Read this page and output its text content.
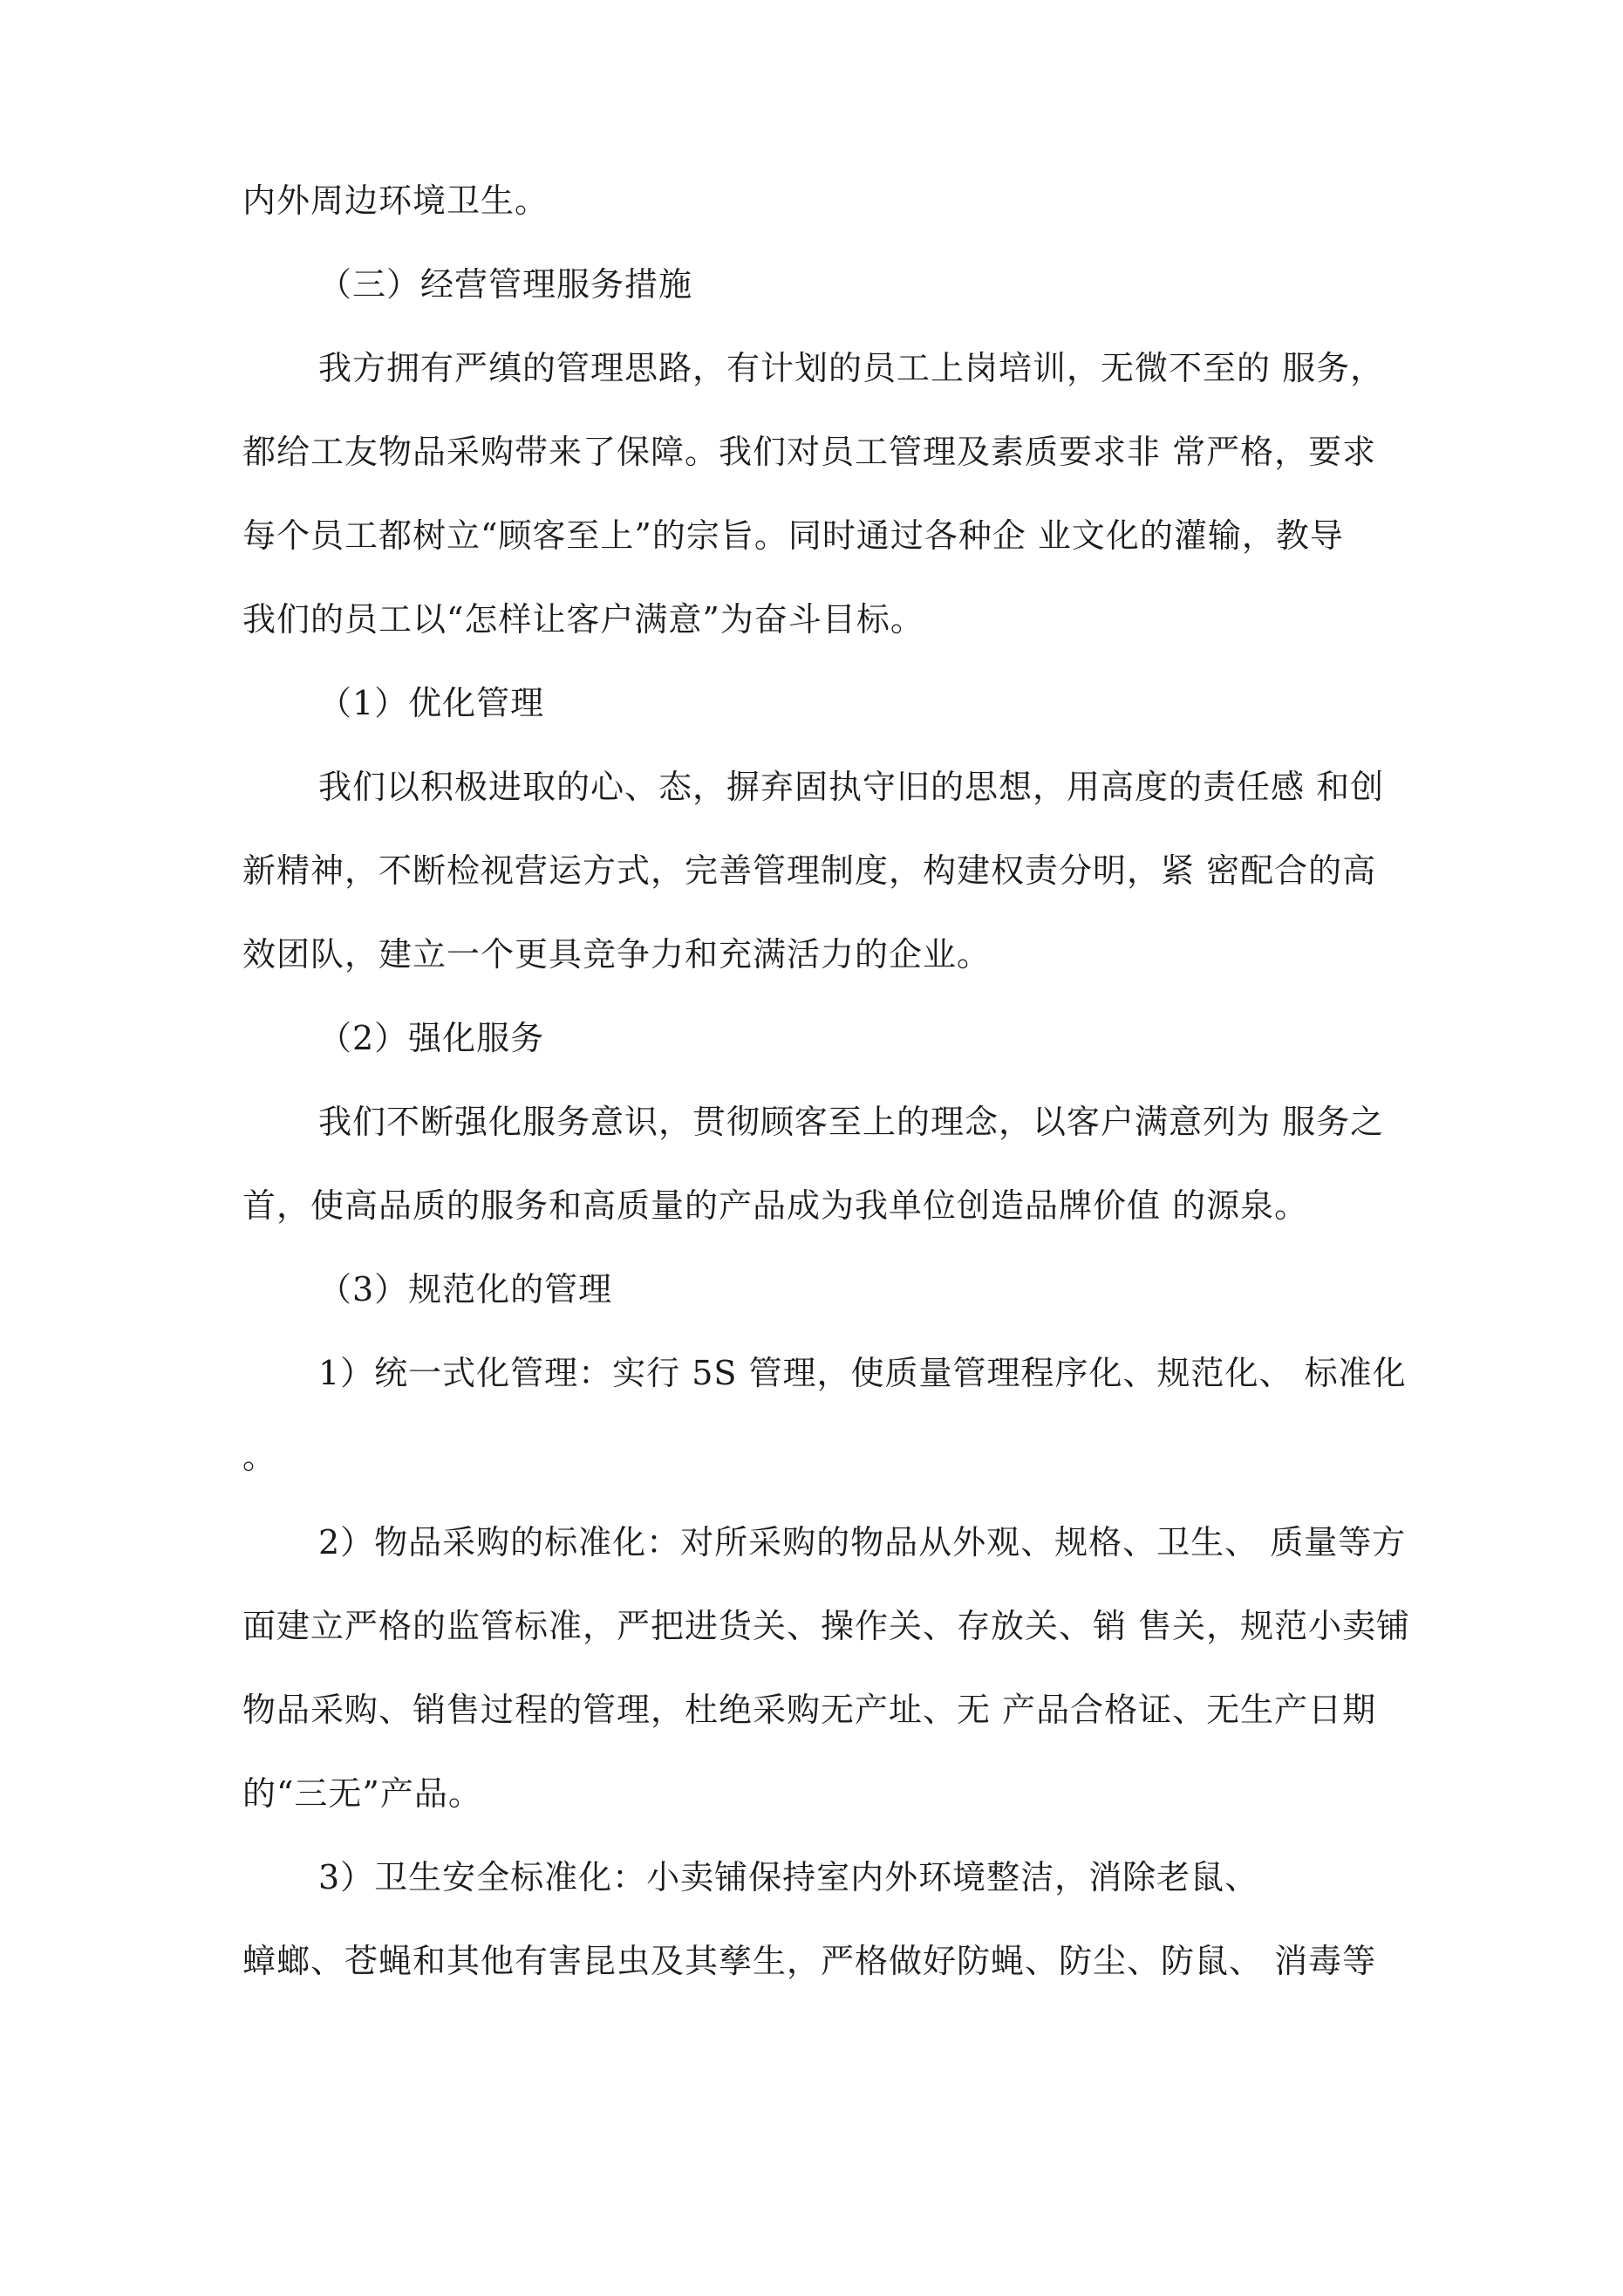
内外周边环境卫生。
（三）经营管理服务措施
我方拥有严缜的管理思路，有计划的员工上岗培训，无微不至的 服务，
都给工友物品采购带来了保障。我们对员工管理及素质要求非 常严格，要求
每个员工都树立“顾客至上”的宗旨。同时通过各种企 业文化的灌输，教导
我们的员工以“怎样让客户满意”为奋斗目标。
（1）优化管理
我们以积极进取的心、态，摒弃固执守旧的思想，用高度的责任感 和创
新精神，不断检视营运方式，完善管理制度，构建权责分明，紧 密配合的高
效团队，建立一个更具竞争力和充满活力的企业。
（2）强化服务
我们不断强化服务意识，贯彻顾客至上的理念，以客户满意列为 服务之
首，使高品质的服务和高质量的产品成为我单位创造品牌价值 的源泉。
（3）规范化的管理
1）统一式化管理：实行 5S 管理，使质量管理程序化、规范化、 标准化
。
2）物品采购的标准化：对所采购的物品从外观、规格、卫生、 质量等方
面建立严格的监管标准，严把进货关、操作关、存放关、销 售关，规范小卖铺
物品采购、销售过程的管理，杜绝采购无产址、无 产品合格证、无生产日期
的“三无”产品。
3）卫生安全标准化：小卖铺保持室内外环境整洁，消除老鼠、
蟑螂、苍蝇和其他有害昆虫及其孳生，严格做好防蝇、防尘、防鼠、 消毒等
